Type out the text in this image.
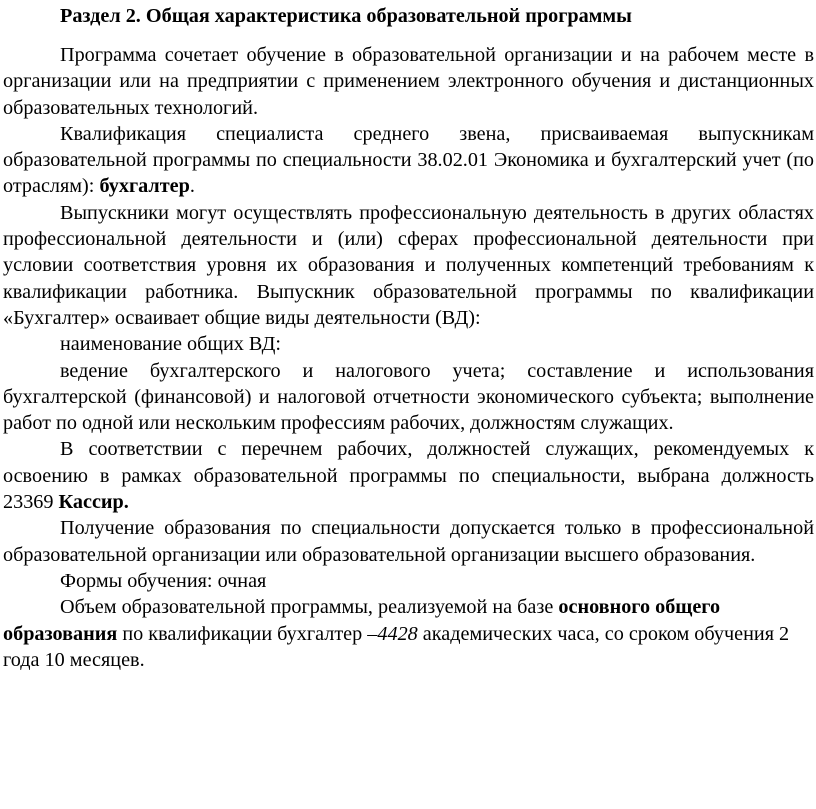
Раздел 2. Общая характеристика образовательной программы

Программа сочетает обучение в образовательной организации и на рабочем месте в организации или на предприятии с применением электронного обучения и дистанционных образовательных технологий.

Квалификация специалиста среднего звена, присваиваемая выпускникам образовательной программы по специальности 38.02.01 Экономика и бухгалтерский учет (по отраслям): бухгалтер.

Выпускники могут осуществлять профессиональную деятельность в других областях профессиональной деятельности и (или) сферах профессиональной деятельности при условии соответствия уровня их образования и полученных компетенций требованиям к квалификации работника. Выпускник образовательной программы по квалификации «Бухгалтер» осваивает общие виды деятельности (ВД):

наименование общих ВД:

ведение бухгалтерского и налогового учета; составление и использования бухгалтерской (финансовой) и налоговой отчетности экономического субъекта; выполнение работ по одной или нескольким профессиям рабочих, должностям служащих.

В соответствии с перечнем рабочих, должностей служащих, рекомендуемых к освоению в рамках образовательной программы по специальности, выбрана должность 23369 Кассир.

Получение образования по специальности допускается только в профессиональной образовательной организации или образовательной организации высшего образования.

Формы обучения: очная

Объем образовательной программы, реализуемой на базе основного общего образования по квалификации бухгалтер –4428 академических часа, со сроком обучения 2 года 10 месяцев.
